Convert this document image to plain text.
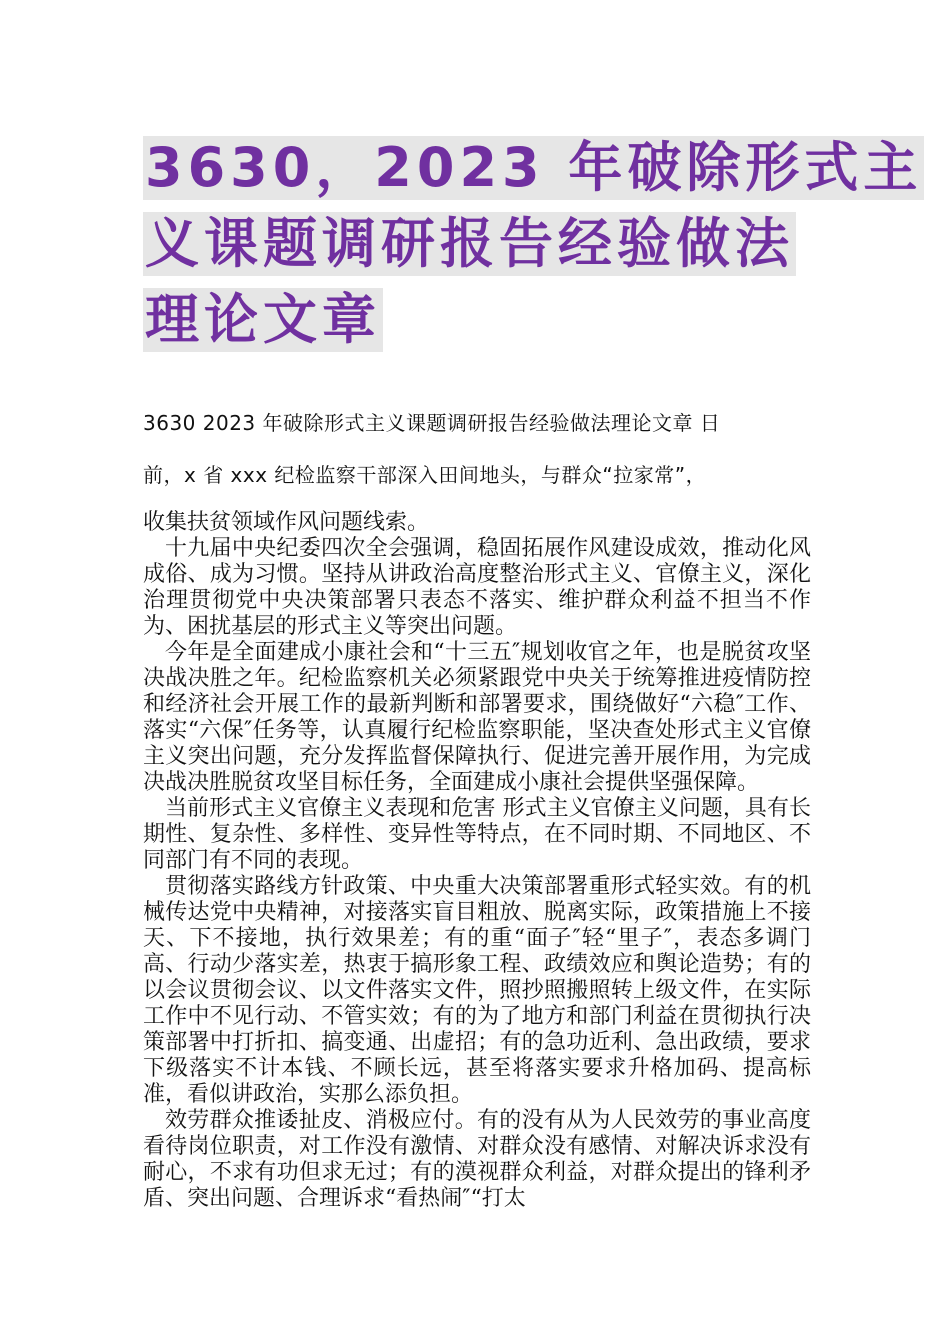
3630，2023 年破除形式主
义课题调研报告经验做法
理论文章
3630 2023 年破除形式主义课题调研报告经验做法理论文章 日
前，x 省 xxx 纪检监察干部深入田间地头，与群众“拉家常”，

收集扶贫领域作风问题线索。

十九届中央纪委四次全会强调，稳固拓展作风建设成效，推动化风成俗、成为习惯。坚持从讲政治高度整治形式主义、官僚主义，深化治理贯彻党中央决策部署只表态不落实、维护群众利益不担当不作为、困扰基层的形式主义等突出问题。

今年是全面建成小康社会和“十三五″规划收官之年，也是脱贫攻坚决战决胜之年。纪检监察机关必须紧跟党中央关于统筹推进疫情防控和经济社会开展工作的最新判断和部署要求，围绕做好“六稳″工作、落实“六保″任务等，认真履行纪检监察职能，坚决查处形式主义官僚主义突出问题，充分发挥监督保障执行、促进完善开展作用，为完成决战决胜脱贫攻坚目标任务，全面建成小康社会提供坚强保障。

当前形式主义官僚主义表现和危害 形式主义官僚主义问题，具有长期性、复杂性、多样性、变异性等特点，在不同时期、不同地区、不同部门有不同的表现。

贯彻落实路线方针政策、中央重大决策部署重形式轻实效。有的机械传达党中央精神，对接落实盲目粗放、脱离实际，政策措施上不接天、下不接地，执行效果差；有的重“面子″轻“里子″，表态多调门高、行动少落实差，热衷于搞形象工程、政绩效应和舆论造势；有的以会议贯彻会议、以文件落实文件，照抄照搬照转上级文件，在实际工作中不见行动、不管实效；有的为了地方和部门利益在贯彻执行决策部署中打折扣、搞变通、出虚招；有的急功近利、急出政绩，要求下级落实不计本钱、不顾长远，甚至将落实要求升格加码、提高标准，看似讲政治，实那么添负担。

效劳群众推诿扯皮、消极应付。有的没有从为人民效劳的事业高度看待岗位职责，对工作没有激情、对群众没有感情、对解决诉求没有耐心，不求有功但求无过；有的漠视群众利益，对群众提出的锋利矛盾、突出问题、合理诉求“看热闹″“打太
